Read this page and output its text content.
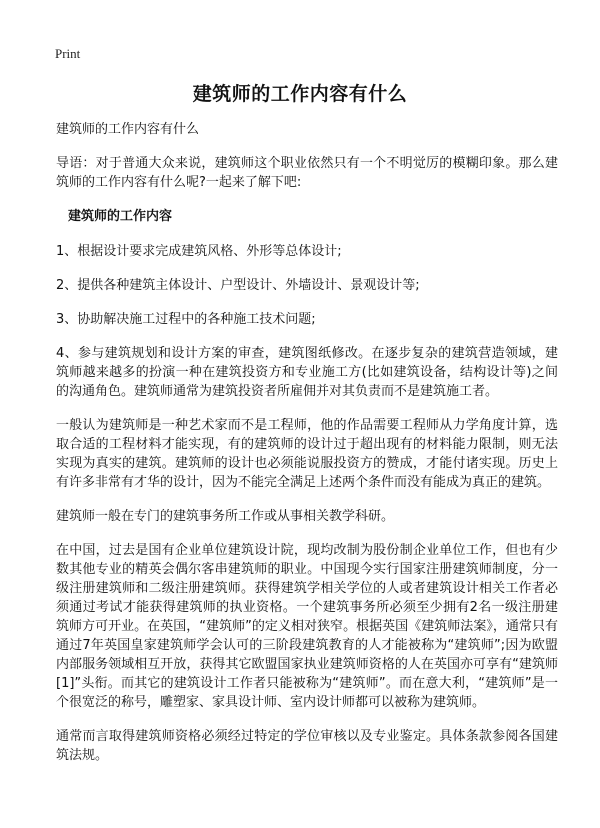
Print
建筑师的工作内容有什么

建筑师的工作内容有什么

导语：对于普通大众来说，建筑师这个职业依然只有一个不明觉厉的模糊印象。那么建筑师的工作内容有什么呢?一起来了解下吧:

建筑师的工作内容

1、根据设计要求完成建筑风格、外形等总体设计;

2、提供各种建筑主体设计、户型设计、外墙设计、景观设计等;

3、协助解决施工过程中的各种施工技术问题;

4、参与建筑规划和设计方案的审查，建筑图纸修改。在逐步复杂的建筑营造领域，建筑师越来越多的扮演一种在建筑投资方和专业施工方(比如建筑设备，结构设计等)之间的沟通角色。建筑师通常为建筑投资者所雇佣并对其负责而不是建筑施工者。

一般认为建筑师是一种艺术家而不是工程师，他的作品需要工程师从力学角度计算，选取合适的工程材料才能实现，有的建筑师的设计过于超出现有的材料能力限制，则无法实现为真实的建筑。建筑师的设计也必须能说服投资方的赞成，才能付诸实现。历史上有许多非常有才华的设计，因为不能完全满足上述两个条件而没有能成为真正的建筑。

建筑师一般在专门的建筑事务所工作或从事相关教学科研。

在中国，过去是国有企业单位建筑设计院，现均改制为股份制企业单位工作，但也有少数其他专业的精英会偶尔客串建筑师的职业。中国现今实行国家注册建筑师制度，分一级注册建筑师和二级注册建筑师。获得建筑学相关学位的人或者建筑设计相关工作者必须通过考试才能获得建筑师的执业资格。一个建筑事务所必须至少拥有2名一级注册建筑师方可开业。在英国，“建筑师”的定义相对狭窄。根据英国《建筑师法案》，通常只有通过7年英国皇家建筑师学会认可的三阶段建筑教育的人才能被称为“建筑师”;因为欧盟内部服务领域相互开放，获得其它欧盟国家执业建筑师资格的人在英国亦可享有“建筑师[1]”头衔。而其它的建筑设计工作者只能被称为“建筑师”。而在意大利，“建筑师”是一个很宽泛的称号，雕塑家、家具设计师、室内设计师都可以被称为建筑师。

通常而言取得建筑师资格必须经过特定的学位审核以及专业鉴定。具体条款参阅各国建筑法规。
